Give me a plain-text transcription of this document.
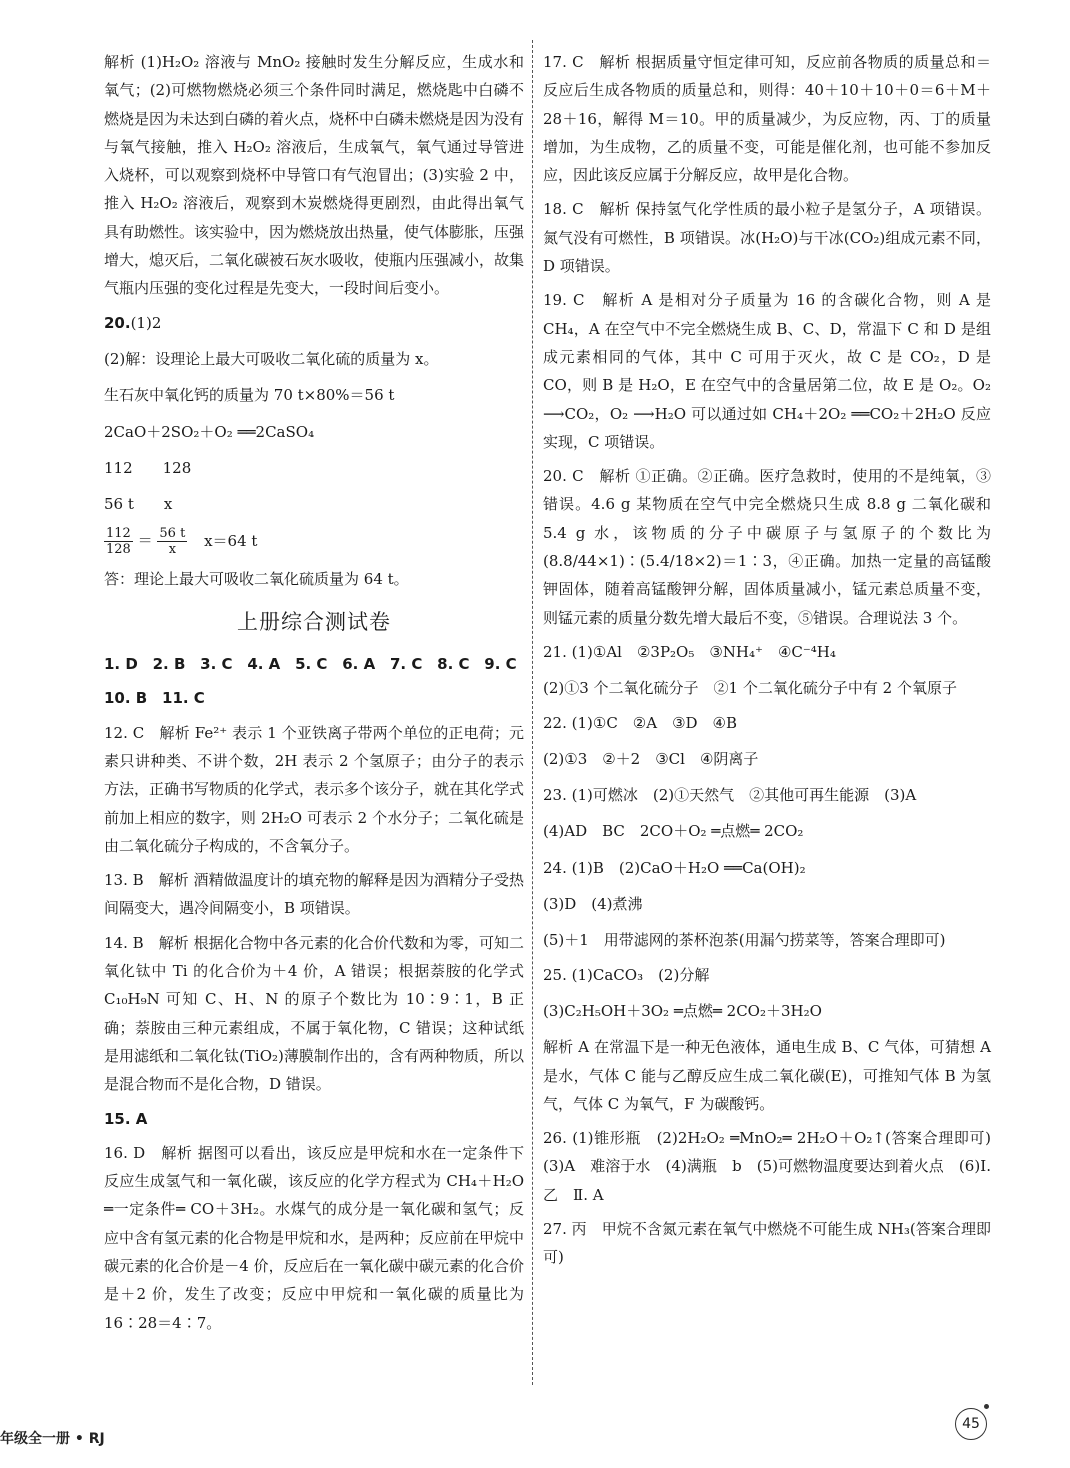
解析 (1)H₂O₂ 溶液与 MnO₂ 接触时发生分解反应，生成水和氧气；(2)可燃物燃烧必须三个条件同时满足，燃烧匙中白磷不燃烧是因为未达到白磷的着火点，烧杯中白磷未燃烧是因为没有与氧气接触，推入 H₂O₂ 溶液后，生成氧气，氧气通过导管进入烧杯，可以观察到烧杯中导管口有气泡冒出；(3)实验 2 中，推入 H₂O₂ 溶液后，观察到木炭燃烧得更剧烈，由此得出氧气具有助燃性。该实验中，因为燃烧放出热量，使气体膨胀，压强增大，熄灭后，二氧化碳被石灰水吸收，使瓶内压强减小，故集气瓶内压强的变化过程是先变大，一段时间后变小。

20.(1)2
(2)解：设理论上最大可吸收二氧化硫的质量为 x。
生石灰中氧化钙的质量为 70 t×80%＝56 t
2CaO＋2SO₂＋O₂ ══2CaSO₄
112　　128
56 t　　x
$\frac{112}{128} = \frac{56 t}{x} x=64$ t
答：理论上最大可吸收二氧化硫质量为 64 t。
上册综合测试卷
1. D 2. B 3. C 4. A 5. C 6. A 7. C 8. C 9. C
10. B 11. C

12. C　解析 Fe²⁺ 表示 1 个亚铁离子带两个单位的正电荷；元素只讲种类、不讲个数，2H 表示 2 个氢原子；由分子的表示方法，正确书写物质的化学式，表示多个该分子，就在其化学式前加上相应的数字，则 2H₂O 可表示 2 个水分子；二氧化硫是由二氧化硫分子构成的，不含氧分子。

13. B　解析 酒精做温度计的填充物的解释是因为酒精分子受热间隔变大，遇冷间隔变小，B 项错误。

14. B　解析 根据化合物中各元素的化合价代数和为零，可知二氧化钛中 Ti 的化合价为＋4 价，A 错误；根据萘胺的化学式 C₁₀H₉N 可知 C、H、N 的原子个数比为 10∶9∶1，B 正确；萘胺由三种元素组成，不属于氧化物，C 错误；这种试纸是用滤纸和二氧化钛(TiO₂)薄膜制作出的，含有两种物质，所以是混合物而不是化合物，D 错误。

15. A

16. D　解析 据图可以看出，该反应是甲烷和水在一定条件下反应生成氢气和一氧化碳，该反应的化学方程式为 CH₄＋H₂O ═一定条件═ CO＋3H₂。水煤气的成分是一氧化碳和氢气；反应中含有氢元素的化合物是甲烷和水，是两种；反应前在甲烷中碳元素的化合价是－4 价，反应后在一氧化碳中碳元素的化合价是＋2 价，发生了改变；反应中甲烷和一氧化碳的质量比为 16∶28＝4∶7。

17. C　解析 根据质量守恒定律可知，反应前各物质的质量总和＝反应后生成各物质的质量总和，则得：40＋10＋10＋0＝6＋M＋28＋16，解得 M＝10。甲的质量减少，为反应物，丙、丁的质量增加，为生成物，乙的质量不变，可能是催化剂，也可能不参加反应，因此该反应属于分解反应，故甲是化合物。

18. C　解析 保持氢气化学性质的最小粒子是氢分子，A 项错误。氮气没有可燃性，B 项错误。冰(H₂O)与干冰(CO₂)组成元素不同，D 项错误。

19. C　解析 A 是相对分子质量为 16 的含碳化合物，则 A 是 CH₄，A 在空气中不完全燃烧生成 B、C、D，常温下 C 和 D 是组成元素相同的气体，其中 C 可用于灭火，故 C 是 CO₂，D 是 CO，则 B 是 H₂O，E 在空气中的含量居第二位，故 E 是 O₂。O₂ ⟶CO₂，O₂ ⟶H₂O 可以通过如 CH₄＋2O₂ ══CO₂＋2H₂O 反应实现，C 项错误。

20. C　解析 ①正确。②正确。医疗急救时，使用的不是纯氧，③错误。4.6 g 某物质在空气中完全燃烧只生成 8.8 g 二氧化碳和 5.4 g 水，该物质的分子中碳原子与氢原子的个数比为 (8.8/44×1)∶(5.4/18×2)＝1∶3，④正确。加热一定量的高锰酸钾固体，随着高锰酸钾分解，固体质量减小，锰元素总质量不变，则锰元素的质量分数先增大最后不变，⑤错误。合理说法 3 个。

21. (1)①Al　②3P₂O₅　③NH₄⁺　④C⁻⁴H₄

(2)①3 个二氧化硫分子　②1 个二氧化硫分子中有 2 个氧原子

22. (1)①C　②A　③D　④B
(2)①3　②＋2　③Cl　④阴离子
23. (1)可燃冰　(2)①天然气　②其他可再生能源　(3)A
(4)AD　BC　2CO＋O₂ ═点燃═ 2CO₂
24. (1)B　(2)CaO＋H₂O ══Ca(OH)₂
(3)D　(4)煮沸

(5)＋1　用带滤网的茶杯泡茶(用漏勺捞菜等，答案合理即可)

25. (1)CaCO₃　(2)分解
(3)C₂H₅OH＋3O₂ ═点燃═ 2CO₂＋3H₂O

解析 A 在常温下是一种无色液体，通电生成 B、C 气体，可猜想 A 是水，气体 C 能与乙醇反应生成二氧化碳(E)，可推知气体 B 为氢气，气体 C 为氧气，F 为碳酸钙。

26. (1)锥形瓶　(2)2H₂O₂ ═MnO₂═ 2H₂O＋O₂↑(答案合理即可)　(3)A　难溶于水　(4)满瓶　b　(5)可燃物温度要达到着火点　(6)Ⅰ. 乙　Ⅱ. A

27. 丙　甲烷不含氮元素在氧气中燃烧不可能生成 NH₃(答案合理即可)

年级全一册 • RJ
45
